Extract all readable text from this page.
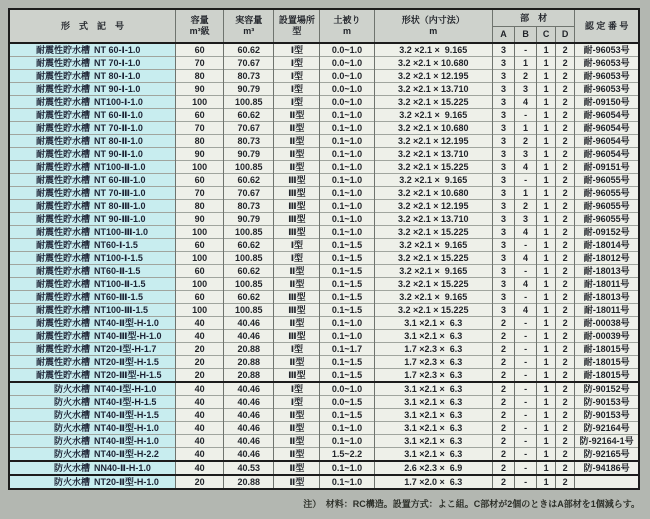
形　式　記　号	
容量
m³級

実容量
m³

設置場所
型

土被り
m

形状（内寸法）
m
	部　材	認 定 番 号
						A	B	C	D	
耐震性貯水槽 NT 60-Ⅰ-1.0	60	60.62	Ⅰ型	0.0~1.0	3.2 ×2.1 ×  9.165	3	-	1	2	耐-96053号
耐震性貯水槽 NT 70-Ⅰ-1.0	70	70.67	Ⅰ型	0.0~1.0	3.2 ×2.1 × 10.680	3	1	1	2	耐-96053号
耐震性貯水槽 NT 80-Ⅰ-1.0	80	80.73	Ⅰ型	0.0~1.0	3.2 ×2.1 × 12.195	3	2	1	2	耐-96053号
耐震性貯水槽 NT 90-Ⅰ-1.0	90	90.79	Ⅰ型	0.0~1.0	3.2 ×2.1 × 13.710	3	3	1	2	耐-96053号
耐震性貯水槽 NT100-Ⅰ-1.0	100	100.85	Ⅰ型	0.0~1.0	3.2 ×2.1 × 15.225	3	4	1	2	耐-09150号
耐震性貯水槽 NT 60-Ⅱ-1.0	60	60.62	Ⅱ型	0.1~1.0	3.2 ×2.1 ×  9.165	3	-	1	2	耐-96054号
耐震性貯水槽 NT 70-Ⅱ-1.0	70	70.67	Ⅱ型	0.1~1.0	3.2 ×2.1 × 10.680	3	1	1	2	耐-96054号
耐震性貯水槽 NT 80-Ⅱ-1.0	80	80.73	Ⅱ型	0.1~1.0	3.2 ×2.1 × 12.195	3	2	1	2	耐-96054号
耐震性貯水槽 NT 90-Ⅱ-1.0	90	90.79	Ⅱ型	0.1~1.0	3.2 ×2.1 × 13.710	3	3	1	2	耐-96054号
耐震性貯水槽 NT100-Ⅱ-1.0	100	100.85	Ⅱ型	0.1~1.0	3.2 ×2.1 × 15.225	3	4	1	2	耐-09151号
耐震性貯水槽 NT 60-Ⅲ-1.0	60	60.62	Ⅲ型	0.1~1.0	3.2 ×2.1 ×  9.165	3	-	1	2	耐-96055号
耐震性貯水槽 NT 70-Ⅲ-1.0	70	70.67	Ⅲ型	0.1~1.0	3.2 ×2.1 × 10.680	3	1	1	2	耐-96055号
耐震性貯水槽 NT 80-Ⅲ-1.0	80	80.73	Ⅲ型	0.1~1.0	3.2 ×2.1 × 12.195	3	2	1	2	耐-96055号
耐震性貯水槽 NT 90-Ⅲ-1.0	90	90.79	Ⅲ型	0.1~1.0	3.2 ×2.1 × 13.710	3	3	1	2	耐-96055号
耐震性貯水槽 NT100-Ⅲ-1.0	100	100.85	Ⅲ型	0.1~1.0	3.2 ×2.1 × 15.225	3	4	1	2	耐-09152号
耐震性貯水槽 NT60-Ⅰ-1.5	60	60.62	Ⅰ型	0.1~1.5	3.2 ×2.1 ×  9.165	3	-	1	2	耐-18014号
耐震性貯水槽 NT100-Ⅰ-1.5	100	100.85	Ⅰ型	0.1~1.5	3.2 ×2.1 × 15.225	3	4	1	2	耐-18012号
耐震性貯水槽 NT60-Ⅱ-1.5	60	60.62	Ⅱ型	0.1~1.5	3.2 ×2.1 ×  9.165	3	-	1	2	耐-18013号
耐震性貯水槽 NT100-Ⅱ-1.5	100	100.85	Ⅱ型	0.1~1.5	3.2 ×2.1 × 15.225	3	4	1	2	耐-18011号
耐震性貯水槽 NT60-Ⅲ-1.5	60	60.62	Ⅲ型	0.1~1.5	3.2 ×2.1 ×  9.165	3	-	1	2	耐-18013号
耐震性貯水槽 NT100-Ⅲ-1.5	100	100.85	Ⅲ型	0.1~1.5	3.2 ×2.1 × 15.225	3	4	1	2	耐-18011号
耐震性貯水槽 NT40-Ⅱ型-H-1.0	40	40.46	Ⅱ型	0.1~1.0	3.1 ×2.1 ×  6.3	2	-	1	2	耐-00038号
耐震性貯水槽 NT40-Ⅲ型-H-1.0	40	40.46	Ⅲ型	0.1~1.0	3.1 ×2.1 ×  6.3	2	-	1	2	耐-00039号
耐震性貯水槽 NT20-Ⅰ型-H-1.7	20	20.88	Ⅰ型	0.1~1.7	1.7 ×2.3 ×  6.3	2	-	1	2	耐-18015号
耐震性貯水槽 NT20-Ⅱ型-H-1.5	20	20.88	Ⅱ型	0.1~1.5	1.7 ×2.3 ×  6.3	2	-	1	2	耐-18015号
耐震性貯水槽 NT20-Ⅲ型-H-1.5	20	20.88	Ⅲ型	0.1~1.5	1.7 ×2.3 ×  6.3	2	-	1	2	耐-18015号
防火水槽 NT40-Ⅰ型-H-1.0	40	40.46	Ⅰ型	0.0~1.0	3.1 ×2.1 ×  6.3	2	-	1	2	防-90152号
防火水槽 NT40-Ⅰ型-H-1.5	40	40.46	Ⅰ型	0.0~1.5	3.1 ×2.1 ×  6.3	2	-	1	2	防-90153号
防火水槽 NT40-Ⅱ型-H-1.5	40	40.46	Ⅱ型	0.1~1.5	3.1 ×2.1 ×  6.3	2	-	1	2	防-90153号
防火水槽 NT40-Ⅱ型-H-1.0	40	40.46	Ⅱ型	0.1~1.0	3.1 ×2.1 ×  6.3	2	-	1	2	防-92164号
防火水槽 NT40-Ⅱ型-H-1.0	40	40.46	Ⅱ型	0.1~1.0	3.1 ×2.1 ×  6.3	2	-	1	2	防-92164-1号
防火水槽 NT40-Ⅱ型-H-2.2	40	40.46	Ⅱ型	1.5~2.2	3.1 ×2.1 ×  6.3	2	-	1	2	防-92165号
防火水槽 NN40-Ⅱ-H-1.0	40	40.53	Ⅱ型	0.1~1.0	2.6 ×2.3 ×  6.9	2	-	1	2	防-94186号
防火水槽 NT20-Ⅱ型-H-1.0	20	20.88	Ⅱ型	0.1~1.0	1.7 ×2.0 ×  6.3	2	-	1	2	
注）　材料：RC構造。設置方式：よこ組。C部材が2個のときはA部材を1個減らす。
